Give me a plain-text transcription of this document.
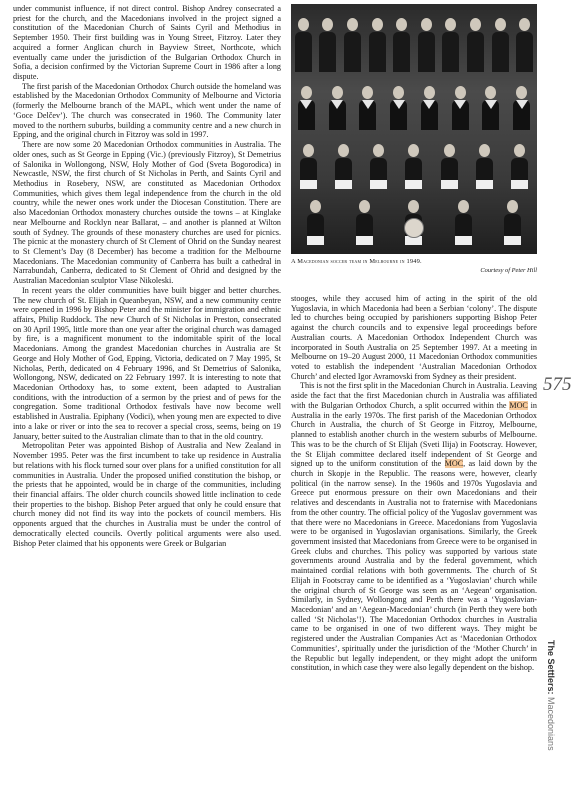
under communist influence, if not direct control. Bishop Andrey consecrated a priest for the church, and the Macedonians involved in the project signed a constitution of the Macedonian Church of Saints Cyril and Methodius in September 1950. Their first building was in Young Street, Fitzroy. Later they acquired a former Anglican church in Bayview Street, Northcote, which eventually came under the jurisdiction of the Bulgarian Orthodox Church in Sofia, a decision confirmed by the Victorian Supreme Court in 1986 after a long dispute.

The first parish of the Macedonian Orthodox Church outside the homeland was established by the Macedonian Orthodox Community of Melbourne and Victoria (formerly the Melbourne branch of the MAPL, which went under the name of ‘Goce Delčev’). The church was consecrated in 1960. The Community later moved to the northern suburbs, building a community centre and a new church in Epping, and the original church in Fitzroy was sold in 1997.

There are now some 20 Macedonian Orthodox communities in Australia. The older ones, such as St George in Epping (Vic.) (previously Fitzroy), St Demetrius of Salonika in Wollongong, NSW, Holy Mother of God (Sveta Bogorodica) in Newcastle, NSW, the first church of St Nicholas in Perth, and Saints Cyril and Methodius in Rosebery, NSW, are constituted as Macedonian Orthodox Communities, which gives them legal independence from the church in the old country, while the newer ones work under the Diocesan Constitution. There are also Macedonian Orthodox monastery churches outside the towns – at Kinglake near Melbourne and Rocklyn near Ballarat, – and another is planned at Wilton south of Sydney. The grounds of these monastery churches are used for picnics. The picnic at the monastery church of St Clement of Ohrid on the Sunday nearest to St Clement’s Day (8 December) has become a tradition for the Melbourne Macedonians. The Macedonian community of Canberra has built a cathedral in Narrabundah, Canberra, dedicated to St Clement of Ohrid and designed by the Australian Macedonian sculptor Vlase Nikoleski.

In recent years the older communities have built bigger and better churches. The new church of St. Elijah in Queanbeyan, NSW, and a new community centre were opened in 1996 by Bishop Peter and the minister for immigration and ethnic affairs, Philip Ruddock. The new Church of St Nicholas in Preston, consecrated on 30 April 1995, little more than one year after the original church was damaged by fire, is a magnificent monument to the indomitable spirit of the local Macedonians. Among the grandest Macedonian churches in Australia are St George and Holy Mother of God, Epping, Victoria, dedicated on 7 May 1995, St Nicholas, Perth, dedicated on 4 February 1996, and St Demetrius of Salonika, Wollongong, NSW, dedicated on 22 February 1997. It is interesting to note that Macedonian Orthodoxy has, to some extent, been adapted to Australian conditions, with the introduction of a sermon by the priest and of pews for the congregation. Some traditional Orthodox festivals have now become well established in Australia. Epiphany (Vodici), when young men are expected to dive into a lake or river or into the sea to recover a special cross, seems, being on 19 January, better suited to the Australian climate than to that in the old country.

Metropolitan Peter was appointed Bishop of Australia and New Zealand in November 1995. Peter was the first incumbent to take up residence in Australia but relations with his flock turned sour over plans for a unified constitution for all communities in Australia. Under the proposed unified constitution the bishop, or the priests that he appointed, would be in charge of the communities, including their financial affairs. The older church councils showed little inclination to cede their properties to the bishop. Bishop Peter argued that only he could ensure that church money did not find its way into the pockets of council members. His opponents argued that the churches in Australia must be under the control of democratically elected councils. Overtly political arguments were also used. Bishop Peter claimed that his opponents were Greek or Bulgarian

A Macedonian soccer team in Melbourne in 1949.
Courtesy of Peter Hill

stooges, while they accused him of acting in the spirit of the old Yugoslavia, in which Macedonia had been a Serbian ‘colony’. The dispute led to churches being occupied by parishioners supporting Bishop Peter against the church councils and to expensive legal proceedings before Australian courts. A Macedonian Orthodox Independent Church was incorporated in South Australia on 25 September 1997. At a meeting in Melbourne on 19–20 August 2000, 11 Macedonian Orthodox communities voted to establish the independent ‘Australian Macedonian Orthodox Church’ and elected Igor Avramovski from Sydney as their president.

This is not the first split in the Macedonian Church in Australia. Leaving aside the fact that the first Macedonian church in Australia was affiliated with the Bulgarian Orthodox Church, a split occurred within the MOC in Australia in the early 1970s. The first parish of the Macedonian Orthodox Church in Australia, the church of St George in Fitzroy, Melbourne, planned to establish another church in the western suburbs of Melbourne. This was to be the church of St Elijah (Sveti Ilija) in Footscray. However, the St Elijah committee declared itself independent of St George and signed up to the uniform constitution of the MOC, as laid down by the church in Skopje in the Republic. The reasons were, however, clearly political (in the narrow sense). In the 1960s and 1970s Yugoslavia and Greece put enormous pressure on their own Macedonians and their relatives and descendants in Australia not to fraternise with Macedonians from the other country. The official policy of the Yugoslav government was that there were no Macedonians in Greece. Macedonians from Yugoslavia were to be organised in Yugoslavian organisations. Similarly, the Greek government insisted that Macedonians from Greece were to be organised in Greek clubs and churches. This policy was supported by various state governments around Australia and by the federal government, which maintained cordial relations with both governments. The church of St Elijah in Footscray came to be identified as a ‘Yugoslavian’ church while the original church of St George was seen as an ‘Aegean’ organisation. Similarly, in Sydney, Wollongong and Perth there was a ‘Yugoslavian-Macedonian’ and an ‘Aegean-Macedonian’ church (in Perth they were both called ‘St Nicholas’!). The Macedonian Orthodox churches in Australia came to be organised in one of two different ways. They might be registered under the Australian Companies Act as ‘Macedonian Orthodox Communities’, spiritually under the jurisdiction of the ‘Mother Church’ in the Republic but legally independent, or they might adopt the uniform constitution, in which case they were also legally dependent on the bishop.

575
The Settlers: Macedonians
